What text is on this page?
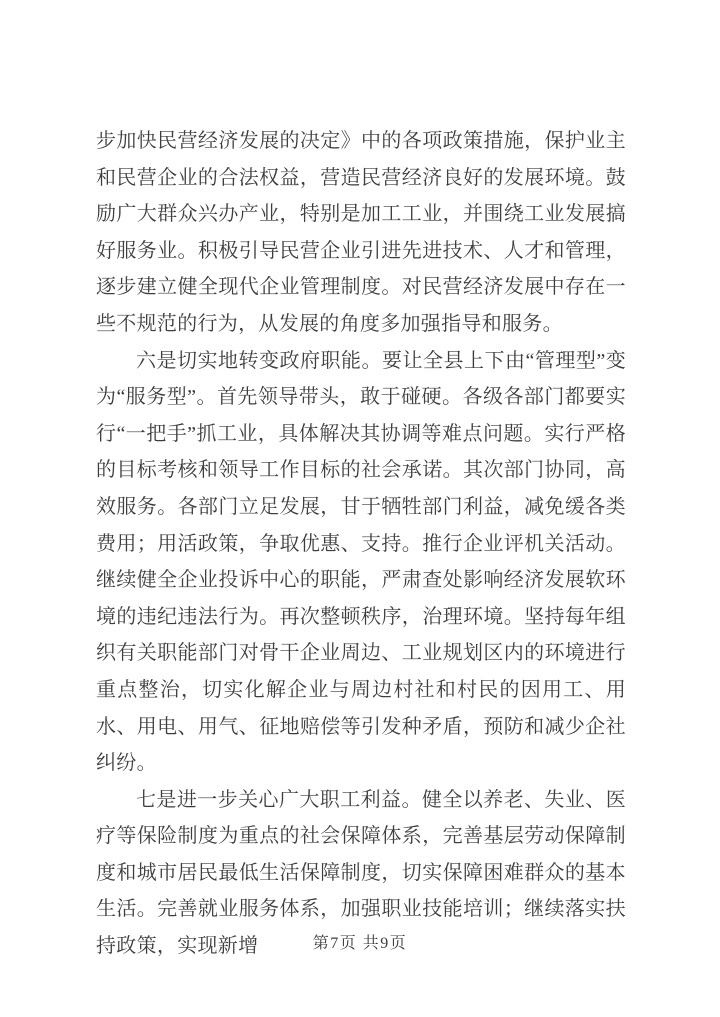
步加快民营经济发展的决定》中的各项政策措施，保护业主和民营企业的合法权益，营造民营经济良好的发展环境。鼓励广大群众兴办产业，特别是加工工业，并围绕工业发展搞好服务业。积极引导民营企业引进先进技术、人才和管理，逐步建立健全现代企业管理制度。对民营经济发展中存在一些不规范的行为，从发展的角度多加强指导和服务。

六是切实地转变政府职能。要让全县上下由“管理型”变为“服务型”。首先领导带头，敢于碰硬。各级各部门都要实行“一把手”抓工业，具体解决其协调等难点问题。实行严格的目标考核和领导工作目标的社会承诺。其次部门协同，高效服务。各部门立足发展，甘于牺牲部门利益，减免缓各类费用；用活政策，争取优惠、支持。推行企业评机关活动。继续健全企业投诉中心的职能，严肃查处影响经济发展软环境的违纪违法行为。再次整顿秩序，治理环境。坚持每年组织有关职能部门对骨干企业周边、工业规划区内的环境进行重点整治，切实化解企业与周边村社和村民的因用工、用水、用电、用气、征地赔偿等引发种矛盾，预防和减少企社纠纷。

七是进一步关心广大职工利益。健全以养老、失业、医疗等保险制度为重点的社会保障体系，完善基层劳动保障制度和城市居民最低生活保障制度，切实保障困难群众的基本生活。完善就业服务体系，加强职业技能培训；继续落实扶持政策，实现新增	第7页 共9页
